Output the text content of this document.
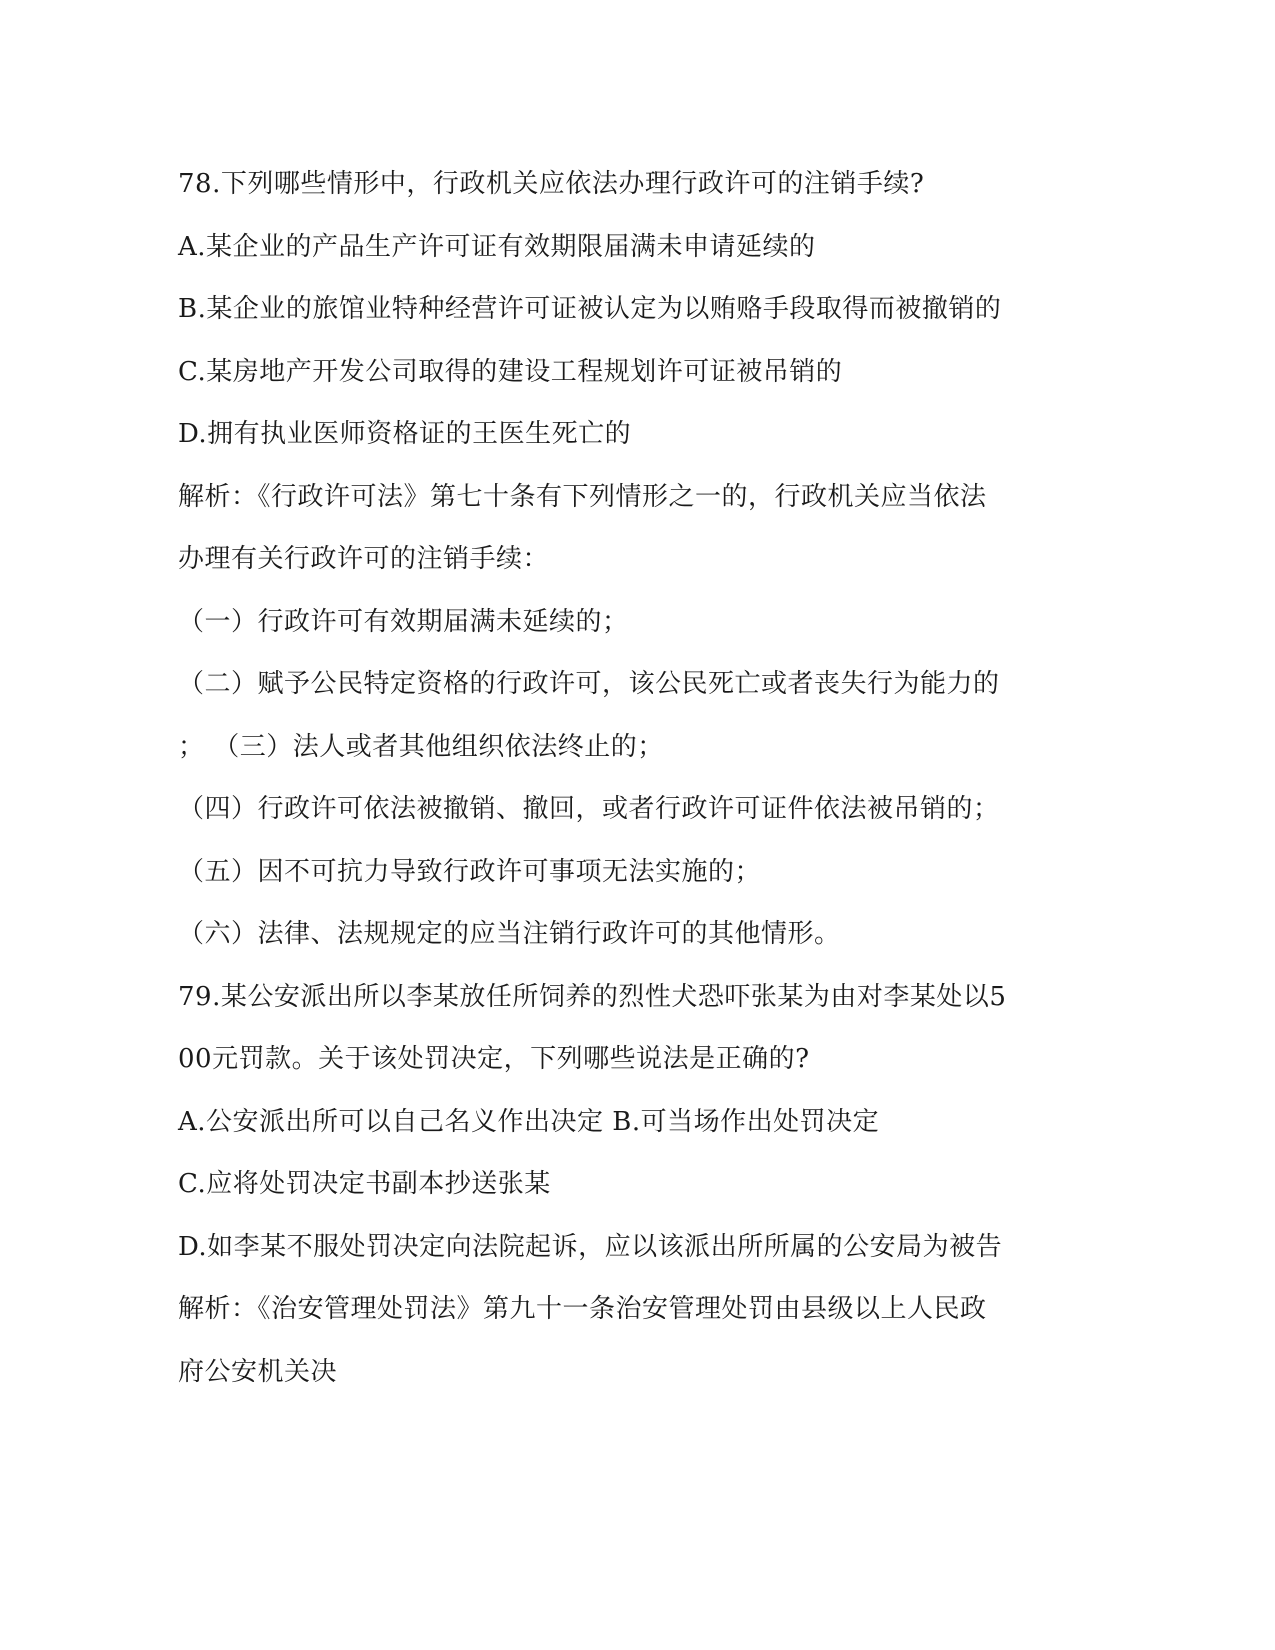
78.下列哪些情形中，行政机关应依法办理行政许可的注销手续?
A.某企业的产品生产许可证有效期限届满未申请延续的
B.某企业的旅馆业特种经营许可证被认定为以贿赂手段取得而被撤销的
C.某房地产开发公司取得的建设工程规划许可证被吊销的
D.拥有执业医师资格证的王医生死亡的
解析：《行政许可法》第七十条有下列情形之一的，行政机关应当依法
办理有关行政许可的注销手续：
（一）行政许可有效期届满未延续的；
（二）赋予公民特定资格的行政许可，该公民死亡或者丧失行为能力的
； （三）法人或者其他组织依法终止的；
（四）行政许可依法被撤销、撤回，或者行政许可证件依法被吊销的；
（五）因不可抗力导致行政许可事项无法实施的；
（六）法律、法规规定的应当注销行政许可的其他情形。
79.某公安派出所以李某放任所饲养的烈性犬恐吓张某为由对李某处以5
00元罚款。关于该处罚决定，下列哪些说法是正确的?
A.公安派出所可以自己名义作出决定 B.可当场作出处罚决定
C.应将处罚决定书副本抄送张某
D.如李某不服处罚决定向法院起诉，应以该派出所所属的公安局为被告
解析：《治安管理处罚法》第九十一条治安管理处罚由县级以上人民政
府公安机关决
